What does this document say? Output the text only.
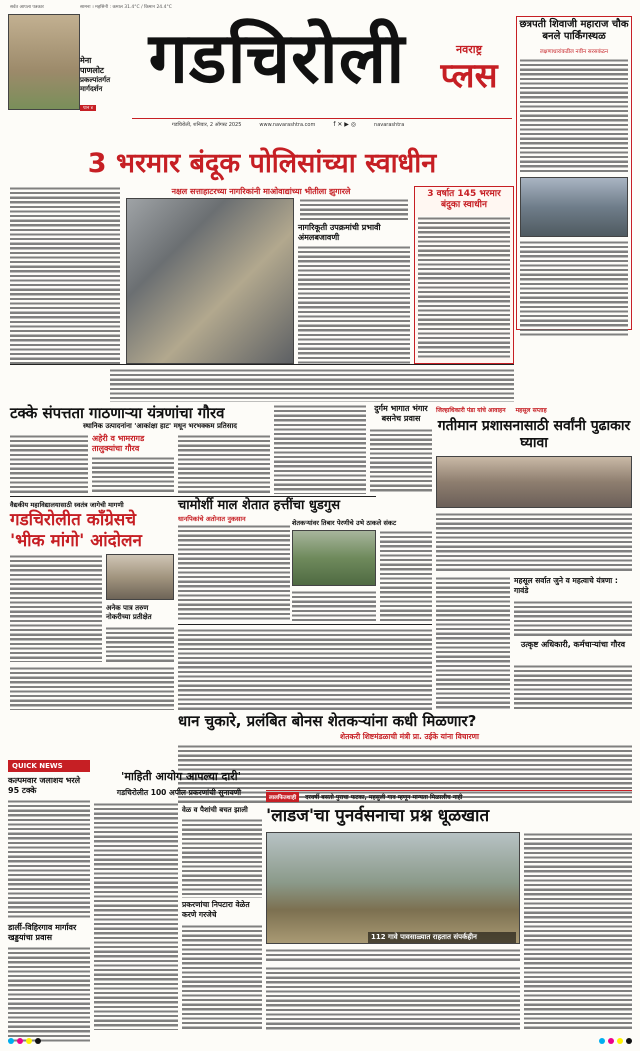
सर्वत आपला पत्रकार	सामना । महसिनी : कमाल 31.4°C / किमान 24.4°C
मेना
पाणलोट
प्रकल्पांतर्गत
मार्गदर्शन
पान ४
गडचिरोली	नवराष्ट्र
प्लस
गडचिरोली, शनिवार, 2 ऑगस्ट 2025	www.navarashtra.com	f ✕ ▶ ◎	navarashtra
छत्रपती शिवाजी महाराज चौक बनले पार्किंगस्थळ
लक्षणाधारांकडील नवीन सरसकंठन
3 भरमार बंदूक पोलिसांच्या स्वाधीन
नक्षल सत्ताहाटरच्या नागरिकांनी माओवाद्यांच्या भीतीला झुगारले
नागरिकूती उपक्रमांची प्रभावी अंमलबजावणी
3 वर्षात 145 भरमार बंदुका स्वाधीन
टक्के संपत्तता गाठणाऱ्या यंत्रणांचा गौरव
स्थानिक उत्पादनांना 'आकांक्षा हाट' मधून भरभक्कम प्रतिसाद
अहेरी व भामरागड तालुक्यांचा गौरव
दुर्गम भागात भंगार बसनेच प्रवास
जिल्हाधिकारी पंडा यांचे आवाहन महसूल सप्ताह
गतीमान प्रशासनासाठी सर्वांनी पुढाकार घ्यावा
वैद्यकीय महाविद्यालयासाठी स्वतंत्र जागेची मागणी
गडचिरोलीत काँग्रेसचे 'भीक मांगो' आंदोलन
अनेक पात्र तरुण नोकरीच्या प्रतीक्षेत
चामोर्शी माल शेतात हत्तींचा धुडगुस
धानपिकांचे अतोनात नुकसान	शेतकऱ्यांवर तिबार पेरणीचे उभे ठाकले संकट
महसूल सर्वात जुने व महत्वाचे यंत्रणा : गावंडे
उत्कृष्ट अधिकारी, कर्मचाऱ्यांचा गौरव
धान चुकारे, प्रलंबित बोनस शेतकऱ्यांना कधी मिळणार?
शेतकरी शिष्टमंडळाची मंत्री प्रा. उईके यांना विचारणा
QUICK NEWS
कल्पमवार जलाशय भरले 95 टक्के
डार्ली-विहिरगाव मार्गावर खड्डयांचा प्रवास
'माहिती आयोग आपल्या दारी'
गडचिरोलीत 100 अपील प्रकरणांची सुनावणी
वेळ व पैशांची बचत झाली
प्रकरणांचा निपटारा वेळेत करणे गरजेचे
लालफितशाही	दरवर्षी बसतो पुराचा फटका, महसुली गाव म्हणून मान्यता मिळालीच नाही
'लाडज'चा पुनर्वसनाचा प्रश्न धूळखात
112 गावे पावसाळ्यात राहतात संपर्कहीन
